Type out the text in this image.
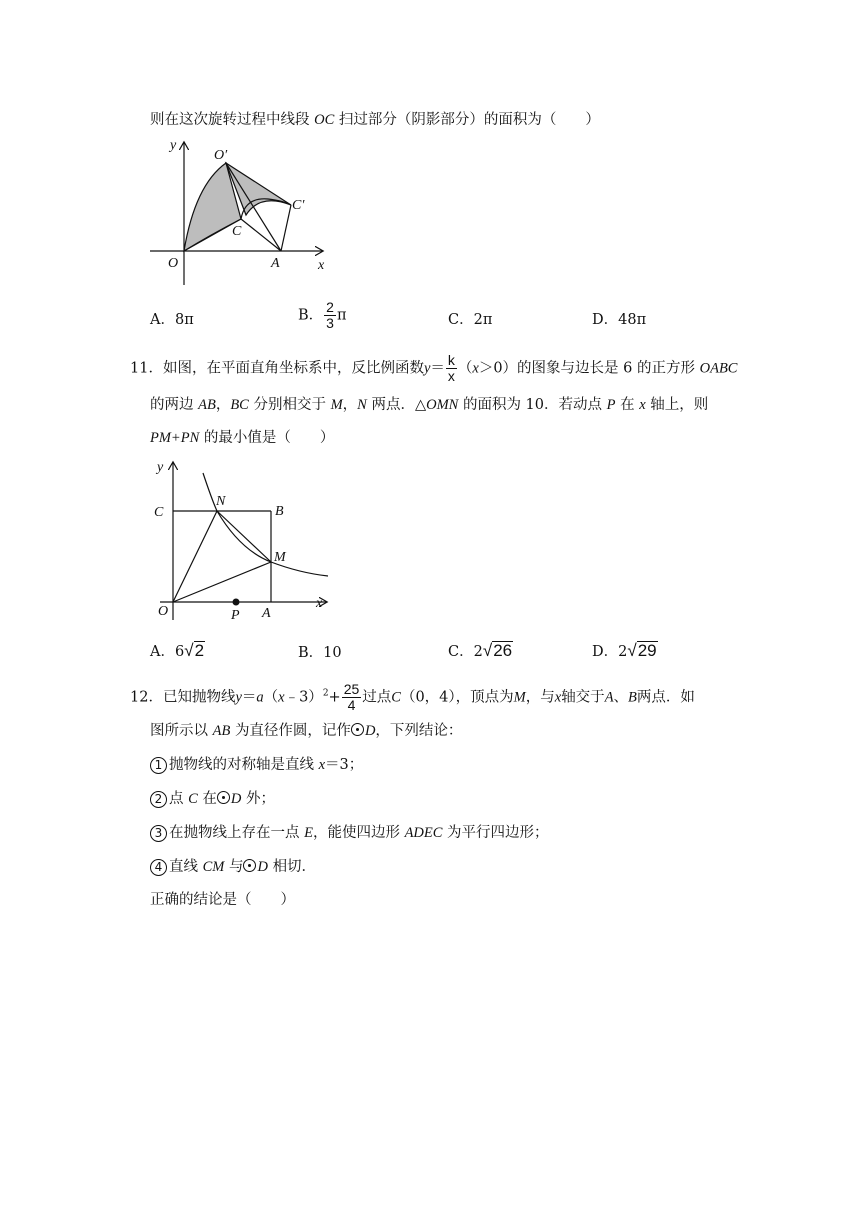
则在这次旋转过程中线段 OC 扫过部分（阴影部分）的面积为（　　）
y
x
O	A
O′
C
C′
A．8π	B． $\frac{2}{3}$ π	C．2π	D．48π
11．如图，在平面直角坐标系中，反比例函数$y= \frac{k}{x} (x>0)$的图象与边长是 6 的正方形 OABC
的两边 AB，BC 分别相交于 M，N 两点．△OMN 的面积为 10．若动点 P 在 x 轴上，则
PM+PN 的最小值是（　　）
y
x
C	B
N
M
O	P A
A．6√2	B．10	C．2√26	D．2√29
12．已知抛物线y＝a（x﹣3）$^2$+ $\frac{25}{4}$ 过点C（0，4），顶点为M，与x轴交于A、B两点．如
图所示以 AB 为直径作圆，记作 D，下列结论：
1 抛物线的对称轴是直线 x＝3；
2 点 C 在 D 外；
3 在抛物线上存在一点 E，能使四边形 ADEC 为平行四边形；
4 直线 CM 与 D 相切．
正确的结论是（　　）
